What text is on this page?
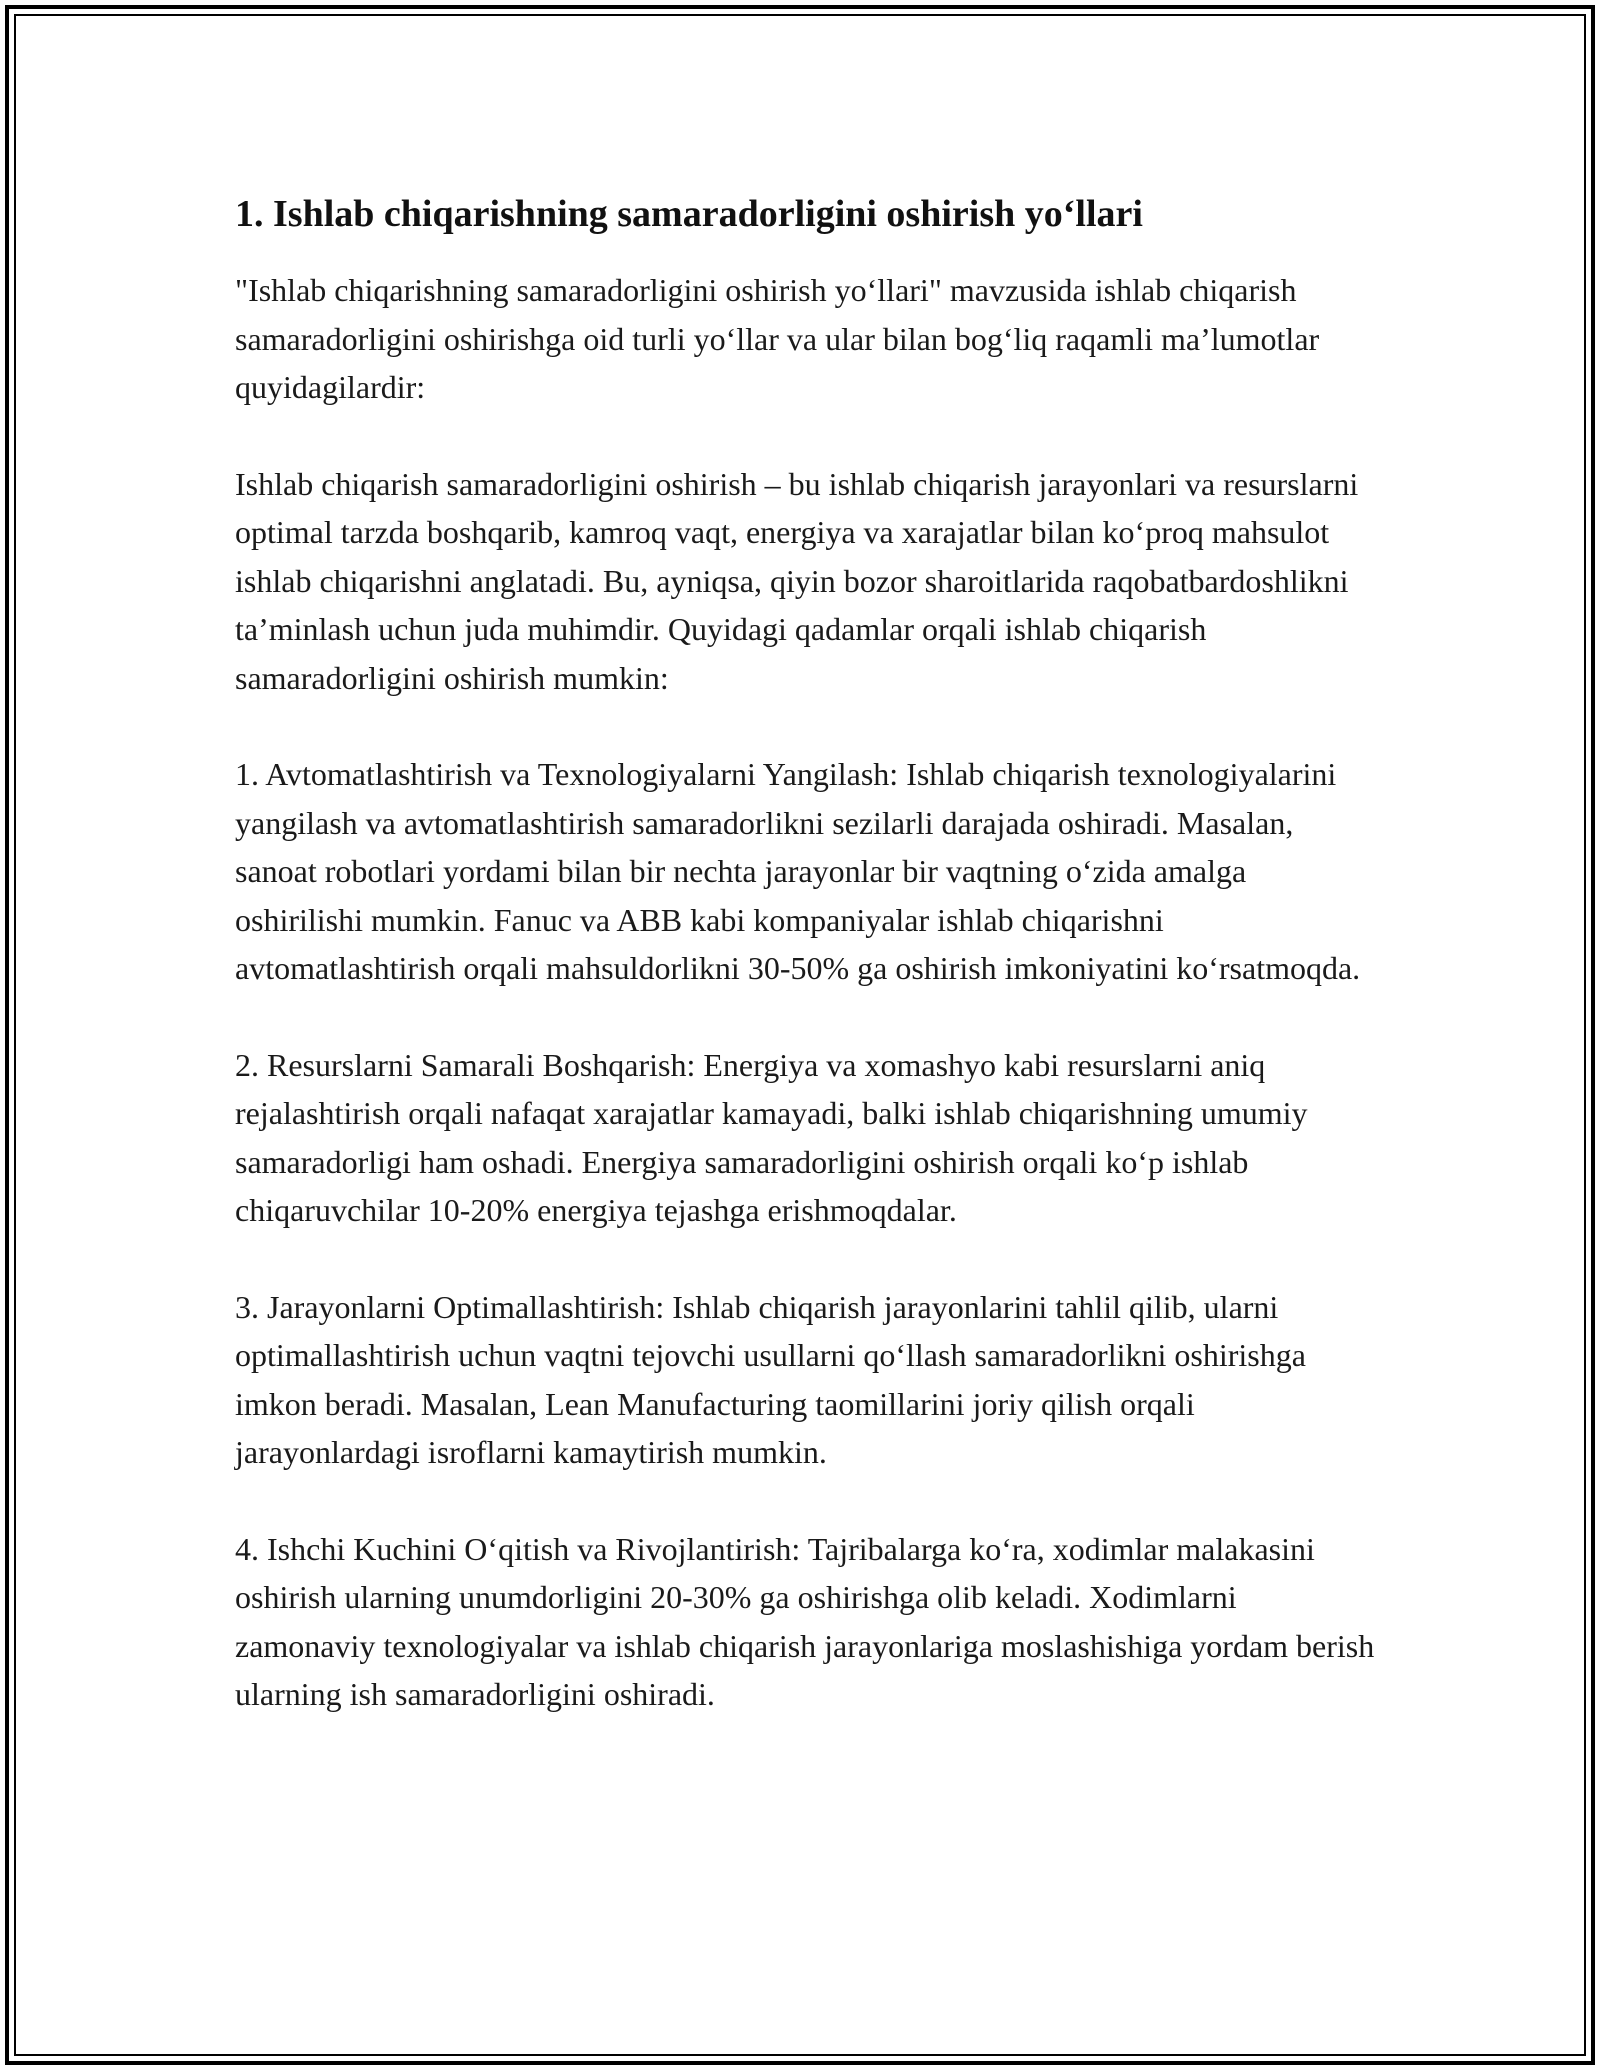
1. Ishlab chiqarishning samaradorligini oshirish yo‘llari

"Ishlab chiqarishning samaradorligini oshirish yo‘llari" mavzusida ishlab chiqarish samaradorligini oshirishga oid turli yo‘llar va ular bilan bog‘liq raqamli ma’lumotlar quyidagilardir:

Ishlab chiqarish samaradorligini oshirish – bu ishlab chiqarish jarayonlari va resurslarni optimal tarzda boshqarib, kamroq vaqt, energiya va xarajatlar bilan ko‘proq mahsulot ishlab chiqarishni anglatadi. Bu, ayniqsa, qiyin bozor sharoitlarida raqobatbardoshlikni ta’minlash uchun juda muhimdir. Quyidagi qadamlar orqali ishlab chiqarish samaradorligini oshirish mumkin:

1. Avtomatlashtirish va Texnologiyalarni Yangilash: Ishlab chiqarish texnologiyalarini yangilash va avtomatlashtirish samaradorlikni sezilarli darajada oshiradi. Masalan, sanoat robotlari yordami bilan bir nechta jarayonlar bir vaqtning o‘zida amalga oshirilishi mumkin. Fanuc va ABB kabi kompaniyalar ishlab chiqarishni avtomatlashtirish orqali mahsuldorlikni 30-50% ga oshirish imkoniyatini ko‘rsatmoqda.

2. Resurslarni Samarali Boshqarish: Energiya va xomashyo kabi resurslarni aniq rejalashtirish orqali nafaqat xarajatlar kamayadi, balki ishlab chiqarishning umumiy samaradorligi ham oshadi. Energiya samaradorligini oshirish orqali ko‘p ishlab chiqaruvchilar 10-20% energiya tejashga erishmoqdalar.

3. Jarayonlarni Optimallashtirish: Ishlab chiqarish jarayonlarini tahlil qilib, ularni optimallashtirish uchun vaqtni tejovchi usullarni qo‘llash samaradorlikni oshirishga imkon beradi. Masalan, Lean Manufacturing taomillarini joriy qilish orqali jarayonlardagi isroflarni kamaytirish mumkin.

4. Ishchi Kuchini O‘qitish va Rivojlantirish: Tajribalarga ko‘ra, xodimlar malakasini oshirish ularning unumdorligini 20-30% ga oshirishga olib keladi. Xodimlarni zamonaviy texnologiyalar va ishlab chiqarish jarayonlariga moslashishiga yordam berish ularning ish samaradorligini oshiradi.
